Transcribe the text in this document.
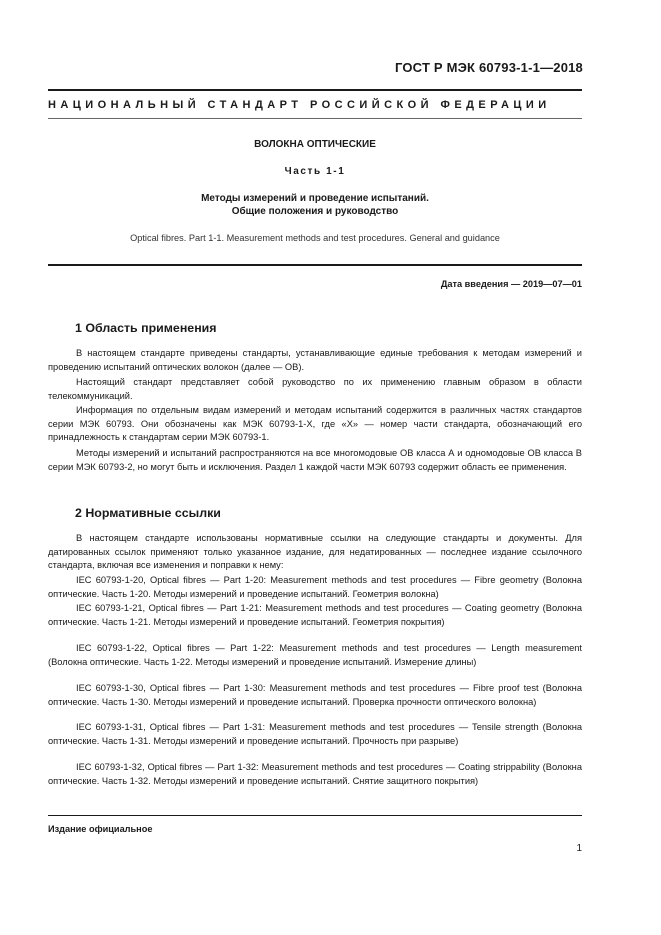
ГОСТ Р МЭК 60793-1-1—2018
НАЦИОНАЛЬНЫЙ СТАНДАРТ РОССИЙСКОЙ ФЕДЕРАЦИИ
ВОЛОКНА ОПТИЧЕСКИЕ
Часть 1-1
Методы измерений и проведение испытаний.
Общие положения и руководство
Optical fibres. Part 1-1. Measurement methods and test procedures. General and guidance
Дата введения — 2019—07—01
1 Область применения
В настоящем стандарте приведены стандарты, устанавливающие единые требования к методам измерений и проведению испытаний оптических волокон (далее — ОВ).
Настоящий стандарт представляет собой руководство по их применению главным образом в области телекоммуникаций.
Информация по отдельным видам измерений и методам испытаний содержится в различных частях стандартов серии МЭК 60793. Они обозначены как МЭК 60793-1-X, где «X» — номер части стандарта, обозначающий его принадлежность к стандартам серии МЭК 60793-1.
Методы измерений и испытаний распространяются на все многомодовые ОВ класса А и одномодовые ОВ класса В серии МЭК 60793-2, но могут быть и исключения. Раздел 1 каждой части МЭК 60793 содержит область ее применения.
2 Нормативные ссылки
В настоящем стандарте использованы нормативные ссылки на следующие стандарты и документы. Для датированных ссылок применяют только указанное издание, для недатированных — последнее издание ссылочного стандарта, включая все изменения и поправки к нему:
IEC 60793-1-20, Optical fibres — Part 1-20: Measurement methods and test procedures — Fibre geometry (Волокна оптические. Часть 1-20. Методы измерений и проведение испытаний. Геометрия волокна)
IEC 60793-1-21, Optical fibres — Part 1-21: Measurement methods and test procedures — Coating geometry (Волокна оптические. Часть 1-21. Методы измерений и проведение испытаний. Геометрия покрытия)
IEC 60793-1-22, Optical fibres — Part 1-22: Measurement methods and test procedures — Length measurement (Волокна оптические. Часть 1-22. Методы измерений и проведение испытаний. Измерение длины)
IEC 60793-1-30, Optical fibres — Part 1-30: Measurement methods and test procedures — Fibre proof test (Волокна оптические. Часть 1-30. Методы измерений и проведение испытаний. Проверка прочности оптического волокна)
IEC 60793-1-31, Optical fibres — Part 1-31: Measurement methods and test procedures — Tensile strength (Волокна оптические. Часть 1-31. Методы измерений и проведение испытаний. Прочность при разрыве)
IEC 60793-1-32, Optical fibres — Part 1-32: Measurement methods and test procedures — Coating strippability (Волокна оптические. Часть 1-32. Методы измерений и проведение испытаний. Снятие защитного покрытия)
Издание официальное
1
